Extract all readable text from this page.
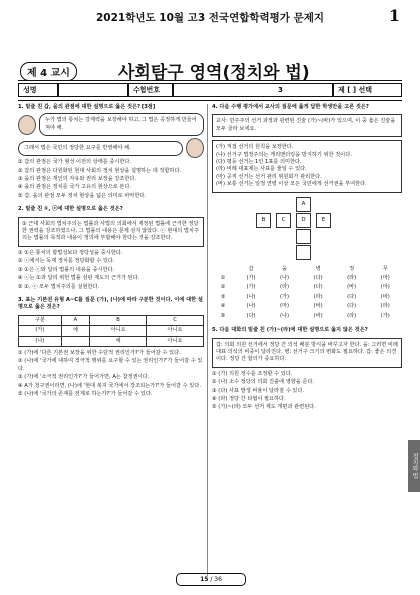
2021학년도 10월 고3 전국연합학력평가 문제지	1
제 4 교시	사회탐구 영역(정치와 법)
성명	수험번호	3	제 [ ] 선택
1. 밑줄 친 갑, 을의 관점에 대한 설명으로 옳은 것은? [3점]
누가 법의 통치는 강제력을 보장해야 하고, 그 법은 공정하게 만들어져야 해.
그래서 법은 국민의 정당한 요구를 반영해야 해.
① 갑의 관점은 국가 형성 이전의 상태를 중시한다.
② 갑의 관점은 다원화된 현대 사회의 정치 현상을 설명하는 데 적합하다.
③ 을의 관점은 개인의 자유와 권리 보장을 강조한다.
④ 을의 관점은 정치를 국가 고유의 현상으로 본다.
⑤ 갑, 을의 관점 모두 정치 현상을 넓은 의미로 파악한다.
2. 밑줄 친 ①, ⓒ에 대한 설명으로 옳은 것은?
① 근대 사회의 법치주의는 법률과 사법의 의회에서 제정된 법률에 근거한 정당한 권력을 강조하였으나, 그 법률의 내용은 문제 삼지 않았다. ⓒ 현대의 법치주의는 법률의 목적과 내용이 정의에 부합해야 한다는 것을 강조한다.
① ①은 통치의 합법성보다 정당성을 중시한다.
② ⓒ에서는 독재 정치를 정당화할 수 있다.
③ ①은 ⓒ와 달리 법률의 내용을 중시한다.
④ ⓒ는 ①과 달리 위헌 법률 심판 제도의 근거가 된다.
⑤ ①, ⓒ 모두 법치주의를 실현한다.
3. 표는 기본권 유형 A~C를 질문 (가), (나)에 따라 구분한 것이다. 이에 대한 설명으로 옳은 것은?
구분	A	B	C
(가)	예	아니요	아니요
(나)		예	아니요
① (가)에 '다른 기본권 보장을 위한 수단적 권리인가?'가 들어갈 수 있다.
② (나)에 '국가에 대하여 적극적 행위를 요구할 수 있는 권리인가?'가 들어갈 수 있다.
③ (가)에 '소극적 권리인가?'가 들어가면, A는 참정권이다.
④ A가 청구권이라면, (나)에 '현대 복지 국가에서 강조되는가?'가 들어갈 수 있다.
⑤ (나)에 '국가의 존재를 전제로 하는가?'가 들어갈 수 있다.
4. 다음 수행 평가에서 교사의 질문에 옳게 답한 학생만을 고른 것은?
교사: 민주주의 선거 과정과 관련된 진술 (가)~(바)가 있으며, 이 중 옳은 진술을 모두 골라 보세요.
(가) 직접 선거의 원칙을 보장한다.
(나) 선거구 법정주의는 게리맨더링을 방지하기 위한 것이다.
(다) 평등 선거는 1인 1표를 의미한다.
(라) 비례 대표제는 사표를 줄일 수 있다.
(마) 공직 선거는 선거 관리 위원회가 관리한다.
(바) 보통 선거는 일정 연령 이상 모든 국민에게 선거권을 부여한다.
A
B	C	D	E
	갑	을	병	정	무
①	(가)	(나)	(다)	(라)	(마)
②	(가)	(라)	(다)	(바)	(마)
③	(나)	(가)	(라)	(다)	(바)
④	(나)	(마)	(바)	(다)	(라)
⑤	(다)	(나)	(바)	(라)	(가)
5. 다음 대화의 밑줄 친 (가)~(라)에 대한 설명으로 옳지 않은 것은?
갑: 의회 의원 선거에서 정당 간 의석 배분 방식을 바꾸고자 한다. 을: 그러면 비례 대표 의석의 비중이 달라진다. 병: 선거구 크기의 변화도 필요하다. 갑: 좋은 의견이다. 정당 간 합의가 중요하다.
① (가) 의원 정수를 조정할 수 있다.
② (나) 소수 정당의 의회 진출에 영향을 준다.
③ (다) 사표 발생 비율이 달라질 수 있다.
④ (라) 정당 간 타협이 필요하다.
⑤ (가)~(라) 모두 선거 제도 개편과 관련된다.
정치와 법
15 / 36
